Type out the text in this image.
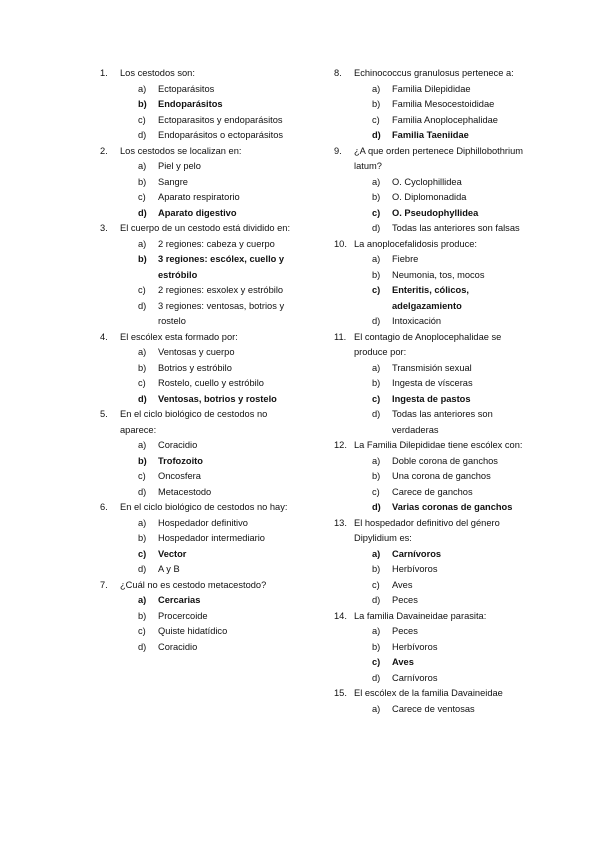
1. Los cestodos son:
a) Ectoparásitos
b) Endoparásitos
c) Ectoparasitos y endoparásitos
d) Endoparásitos o ectoparásitos
2. Los cestodos se localizan en:
a) Piel y pelo
b) Sangre
c) Aparato respiratorio
d) Aparato digestivo
3. El cuerpo de un cestodo está dividido en:
a) 2 regiones: cabeza y cuerpo
b) 3 regiones: escólex, cuello y estróbilo
c) 2 regiones: esxolex y estróbilo
d) 3 regiones: ventosas, botrios y rostelo
4. El escólex esta formado por:
a) Ventosas y cuerpo
b) Botrios y estróbilo
c) Rostelo, cuello y estróbilo
d) Ventosas, botrios y rostelo
5. En el ciclo biológico de cestodos no aparece:
a) Coracidio
b) Trofozoito
c) Oncosfera
d) Metacestodo
6. En el ciclo biológico de cestodos no hay:
a) Hospedador definitivo
b) Hospedador intermediario
c) Vector
d) A y B
7. ¿Cuál no es cestodo metacestodo?
a) Cercarias
b) Procercoide
c) Quiste hidatídico
d) Coracidio
8. Echinococcus granulosus pertenece a:
a) Familia Dilepididae
b) Familia Mesocestoididae
c) Familia Anoplocephalidae
d) Familia Taeniidae
9. ¿A que orden pertenece Diphillobothrium latum?
a) O. Cyclophillidea
b) O. Diplomonadida
c) O. Pseudophyllidea
d) Todas las anteriores son falsas
10. La anoplocefalidosis produce:
a) Fiebre
b) Neumonia, tos, mocos
c) Enteritis, cólicos, adelgazamiento
d) Intoxicación
11. El contagio de Anoplocephalidae se produce por:
a) Transmisión sexual
b) Ingesta de vísceras
c) Ingesta de pastos
d) Todas las anteriores son verdaderas
12. La Familia Dilepididae tiene escólex con:
a) Doble corona de ganchos
b) Una corona de ganchos
c) Carece de ganchos
d) Varias coronas de ganchos
13. El hospedador definitivo del género Dipylidium es:
a) Carnívoros
b) Herbívoros
c) Aves
d) Peces
14. La familia Davaineidae parasita:
a) Peces
b) Herbívoros
c) Aves
d) Carnívoros
15. El escólex de la familia Davaineidae
a) Carece de ventosas
